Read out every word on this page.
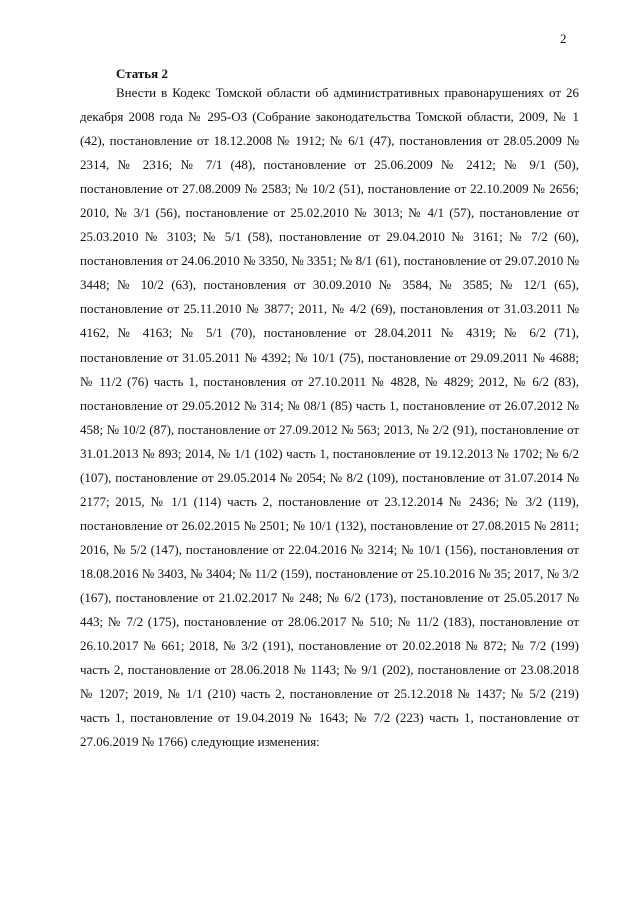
2
Статья 2

Внести в Кодекс Томской области об административных правонарушениях от 26 декабря 2008 года № 295-ОЗ (Собрание законодательства Томской области, 2009, № 1 (42), постановление от 18.12.2008 № 1912; № 6/1 (47), постановления от 28.05.2009 № 2314, № 2316; № 7/1 (48), постановление от 25.06.2009 № 2412; № 9/1 (50), постановление от 27.08.2009 № 2583; № 10/2 (51), постановление от 22.10.2009 № 2656; 2010, № 3/1 (56), постановление от 25.02.2010 № 3013; № 4/1 (57), постановление от 25.03.2010 № 3103; № 5/1 (58), постановление от 29.04.2010 № 3161; № 7/2 (60), постановления от 24.06.2010 № 3350, № 3351; № 8/1 (61), постановление от 29.07.2010 № 3448; № 10/2 (63), постановления от 30.09.2010 № 3584, № 3585; № 12/1 (65), постановление от 25.11.2010 № 3877; 2011, № 4/2 (69), постановления от 31.03.2011 № 4162, № 4163; № 5/1 (70), постановление от 28.04.2011 № 4319; № 6/2 (71), постановление от 31.05.2011 № 4392; № 10/1 (75), постановление от 29.09.2011 № 4688; № 11/2 (76) часть 1, постановления от 27.10.2011 № 4828, № 4829; 2012, № 6/2 (83), постановление от 29.05.2012 № 314; № 08/1 (85) часть 1, постановление от 26.07.2012 № 458; № 10/2 (87), постановление от 27.09.2012 № 563; 2013, № 2/2 (91), постановление от 31.01.2013 № 893; 2014, № 1/1 (102) часть 1, постановление от 19.12.2013 № 1702; № 6/2 (107), постановление от 29.05.2014 № 2054; № 8/2 (109), постановление от 31.07.2014 № 2177; 2015, № 1/1 (114) часть 2, постановление от 23.12.2014 № 2436; № 3/2 (119), постановление от 26.02.2015 № 2501; № 10/1 (132), постановление от 27.08.2015 № 2811; 2016, № 5/2 (147), постановление от 22.04.2016 № 3214; № 10/1 (156), постановления от 18.08.2016 № 3403, № 3404; № 11/2 (159), постановление от 25.10.2016 № 35; 2017, № 3/2 (167), постановление от 21.02.2017 № 248; № 6/2 (173), постановление от 25.05.2017 № 443; № 7/2 (175), постановление от 28.06.2017 № 510; № 11/2 (183), постановление от 26.10.2017 № 661; 2018, № 3/2 (191), постановление от 20.02.2018 № 872; № 7/2 (199) часть 2, постановление от 28.06.2018 № 1143; № 9/1 (202), постановление от 23.08.2018 № 1207; 2019, № 1/1 (210) часть 2, постановление от 25.12.2018 № 1437; № 5/2 (219) часть 1, постановление от 19.04.2019 № 1643; № 7/2 (223) часть 1, постановление от 27.06.2019 № 1766) следующие изменения:
